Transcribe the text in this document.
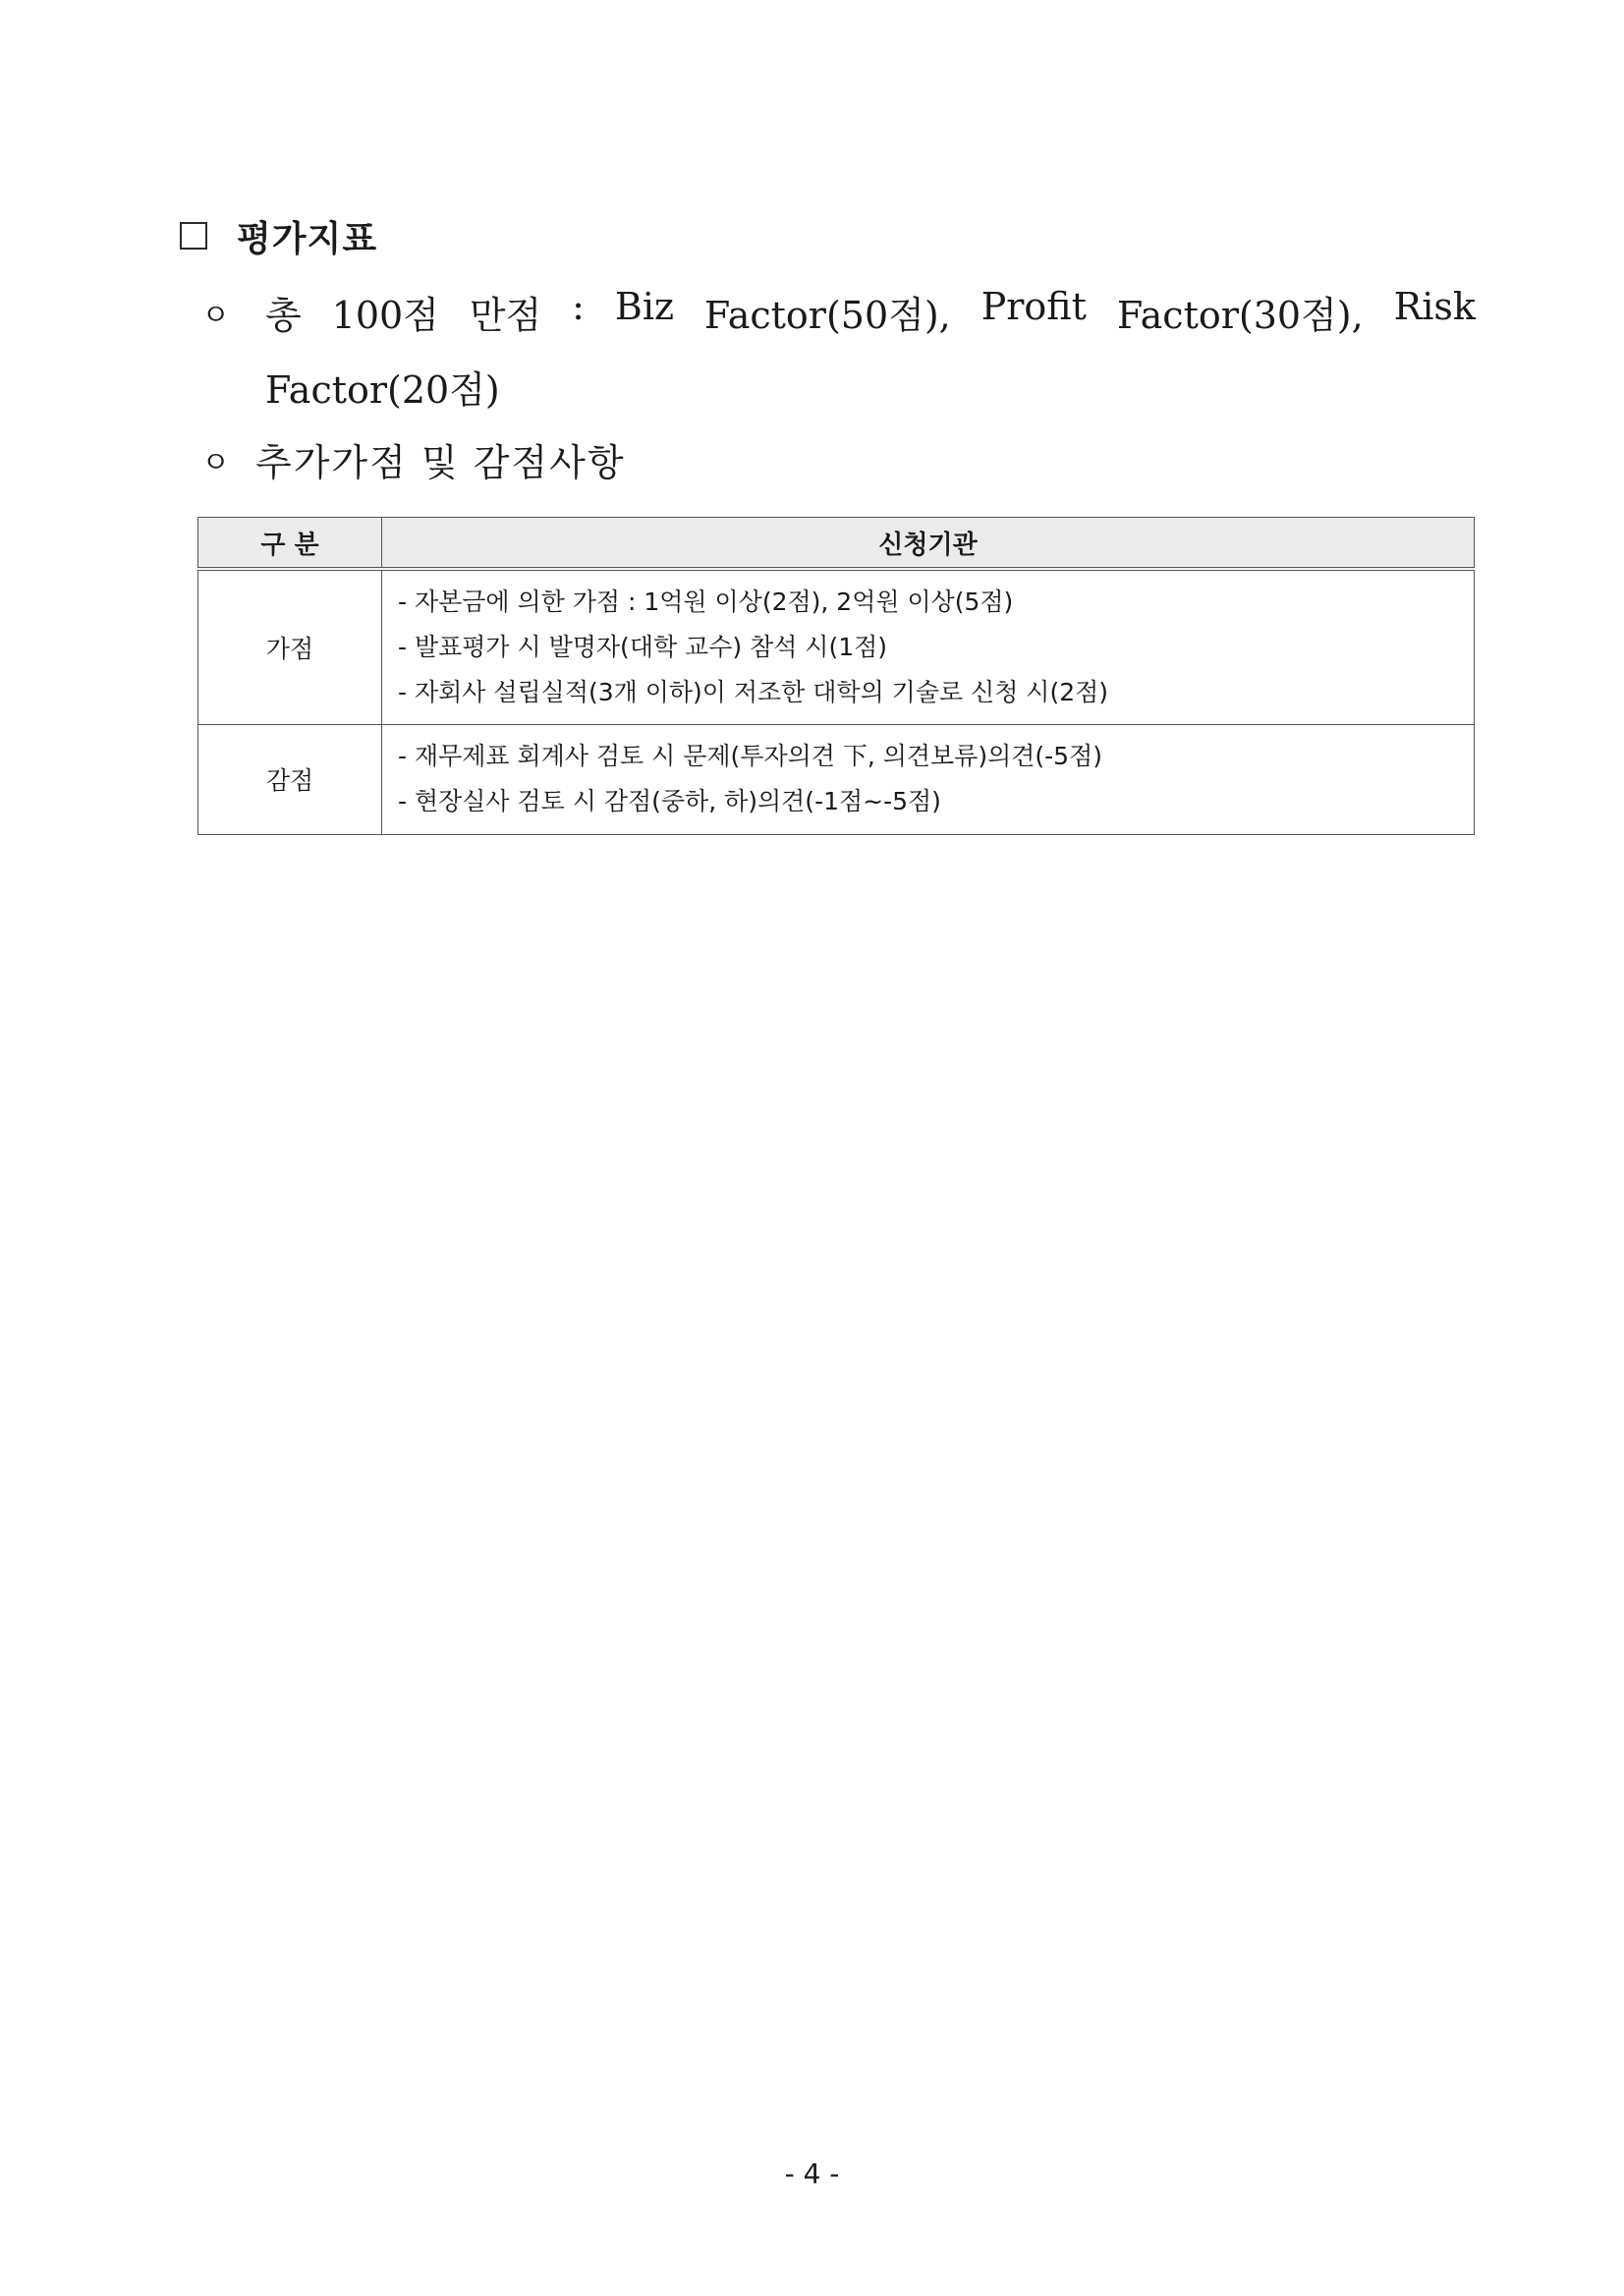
평가지표
ㅇ 총 100점 만점 : Biz Factor(50점), Profit Factor(30점), Risk
Factor(20점)
ㅇ 추가가점 및 감점사항
구 분	신청기관
가점	- 자본금에 의한 가점 : 1억원 이상(2점), 2억원 이상(5점)
- 발표평가 시 발명자(대학 교수) 참석 시(1점)
- 자회사 설립실적(3개 이하)이 저조한 대학의 기술로 신청 시(2점)

감점	- 재무제표 회계사 검토 시 문제(투자의견 下, 의견보류)의견(-5점)
- 현장실사 검토 시 감점(중하, 하)의견(-1점~-5점)
- 4 -
